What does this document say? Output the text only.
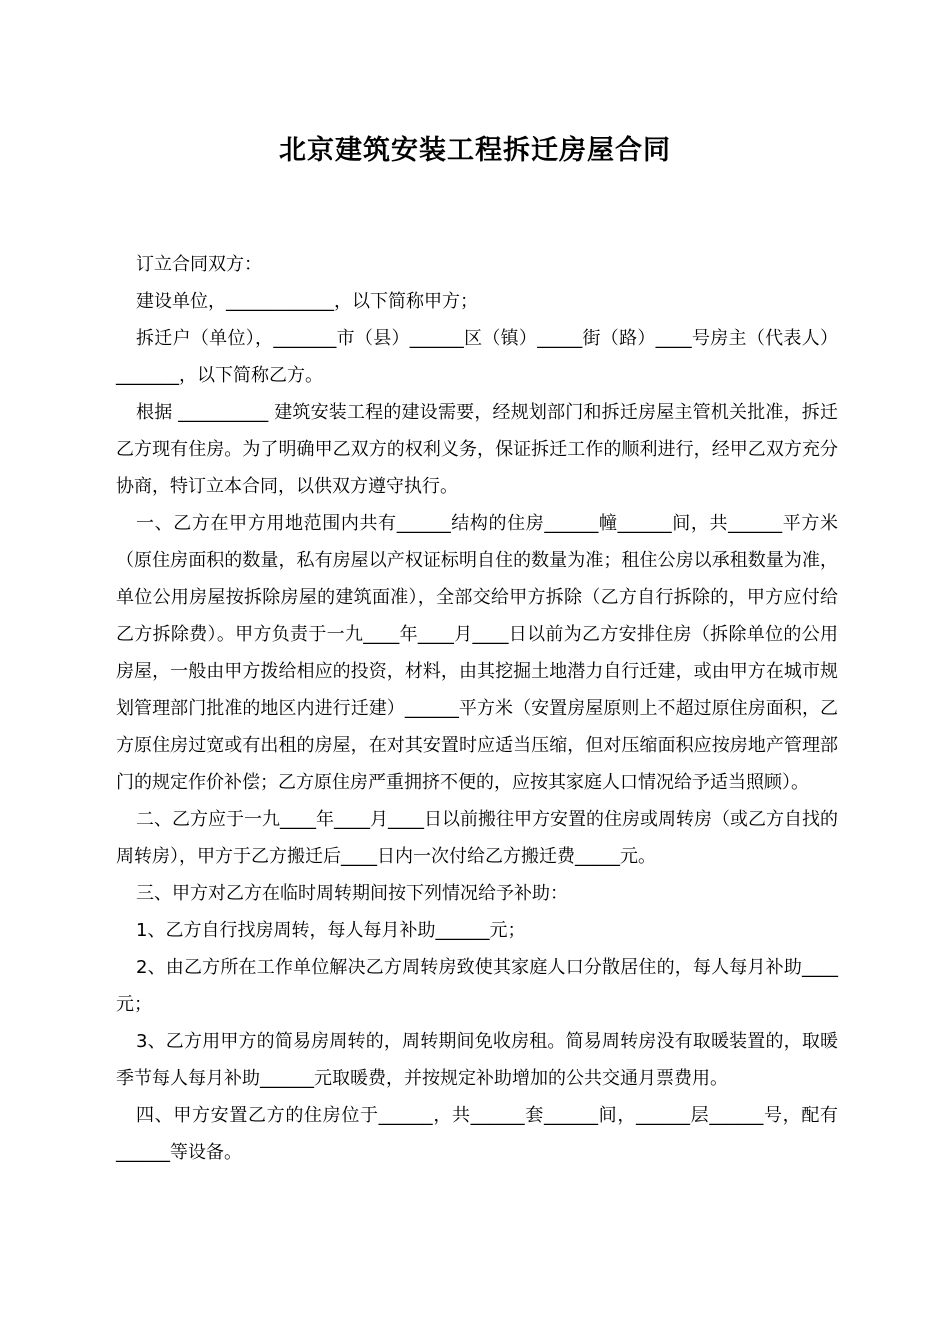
北京建筑安装工程拆迁房屋合同

订立合同双方：

建设单位，____________，以下简称甲方；

拆迁户（单位），_______市（县）______区（镇）_____街（路）____号房主（代表人）_______，以下简称乙方。

根据 __________ 建筑安装工程的建设需要，经规划部门和拆迁房屋主管机关批准，拆迁乙方现有住房。为了明确甲乙双方的权利义务，保证拆迁工作的顺利进行，经甲乙双方充分协商，特订立本合同，以供双方遵守执行。

一、乙方在甲方用地范围内共有______结构的住房______幢______间，共______平方米（原住房面积的数量，私有房屋以产权证标明自住的数量为准；租住公房以承租数量为准，单位公用房屋按拆除房屋的建筑面准），全部交给甲方拆除（乙方自行拆除的，甲方应付给乙方拆除费）。甲方负责于一九____年____月____日以前为乙方安排住房（拆除单位的公用房屋，一般由甲方拨给相应的投资，材料，由其挖掘土地潜力自行迁建，或由甲方在城市规划管理部门批准的地区内进行迁建）______平方米（安置房屋原则上不超过原住房面积，乙方原住房过宽或有出租的房屋，在对其安置时应适当压缩，但对压缩面积应按房地产管理部门的规定作价补偿；乙方原住房严重拥挤不便的，应按其家庭人口情况给予适当照顾）。

二、乙方应于一九____年____月____日以前搬往甲方安置的住房或周转房（或乙方自找的周转房），甲方于乙方搬迁后____日内一次付给乙方搬迁费_____元。

三、甲方对乙方在临时周转期间按下列情况给予补助：

1、乙方自行找房周转，每人每月补助______元；

2、由乙方所在工作单位解决乙方周转房致使其家庭人口分散居住的，每人每月补助____元；

3、乙方用甲方的简易房周转的，周转期间免收房租。简易周转房没有取暖装置的，取暖季节每人每月补助______元取暖费，并按规定补助增加的公共交通月票费用。

四、甲方安置乙方的住房位于______，共______套______间，______层______号，配有______等设备。
